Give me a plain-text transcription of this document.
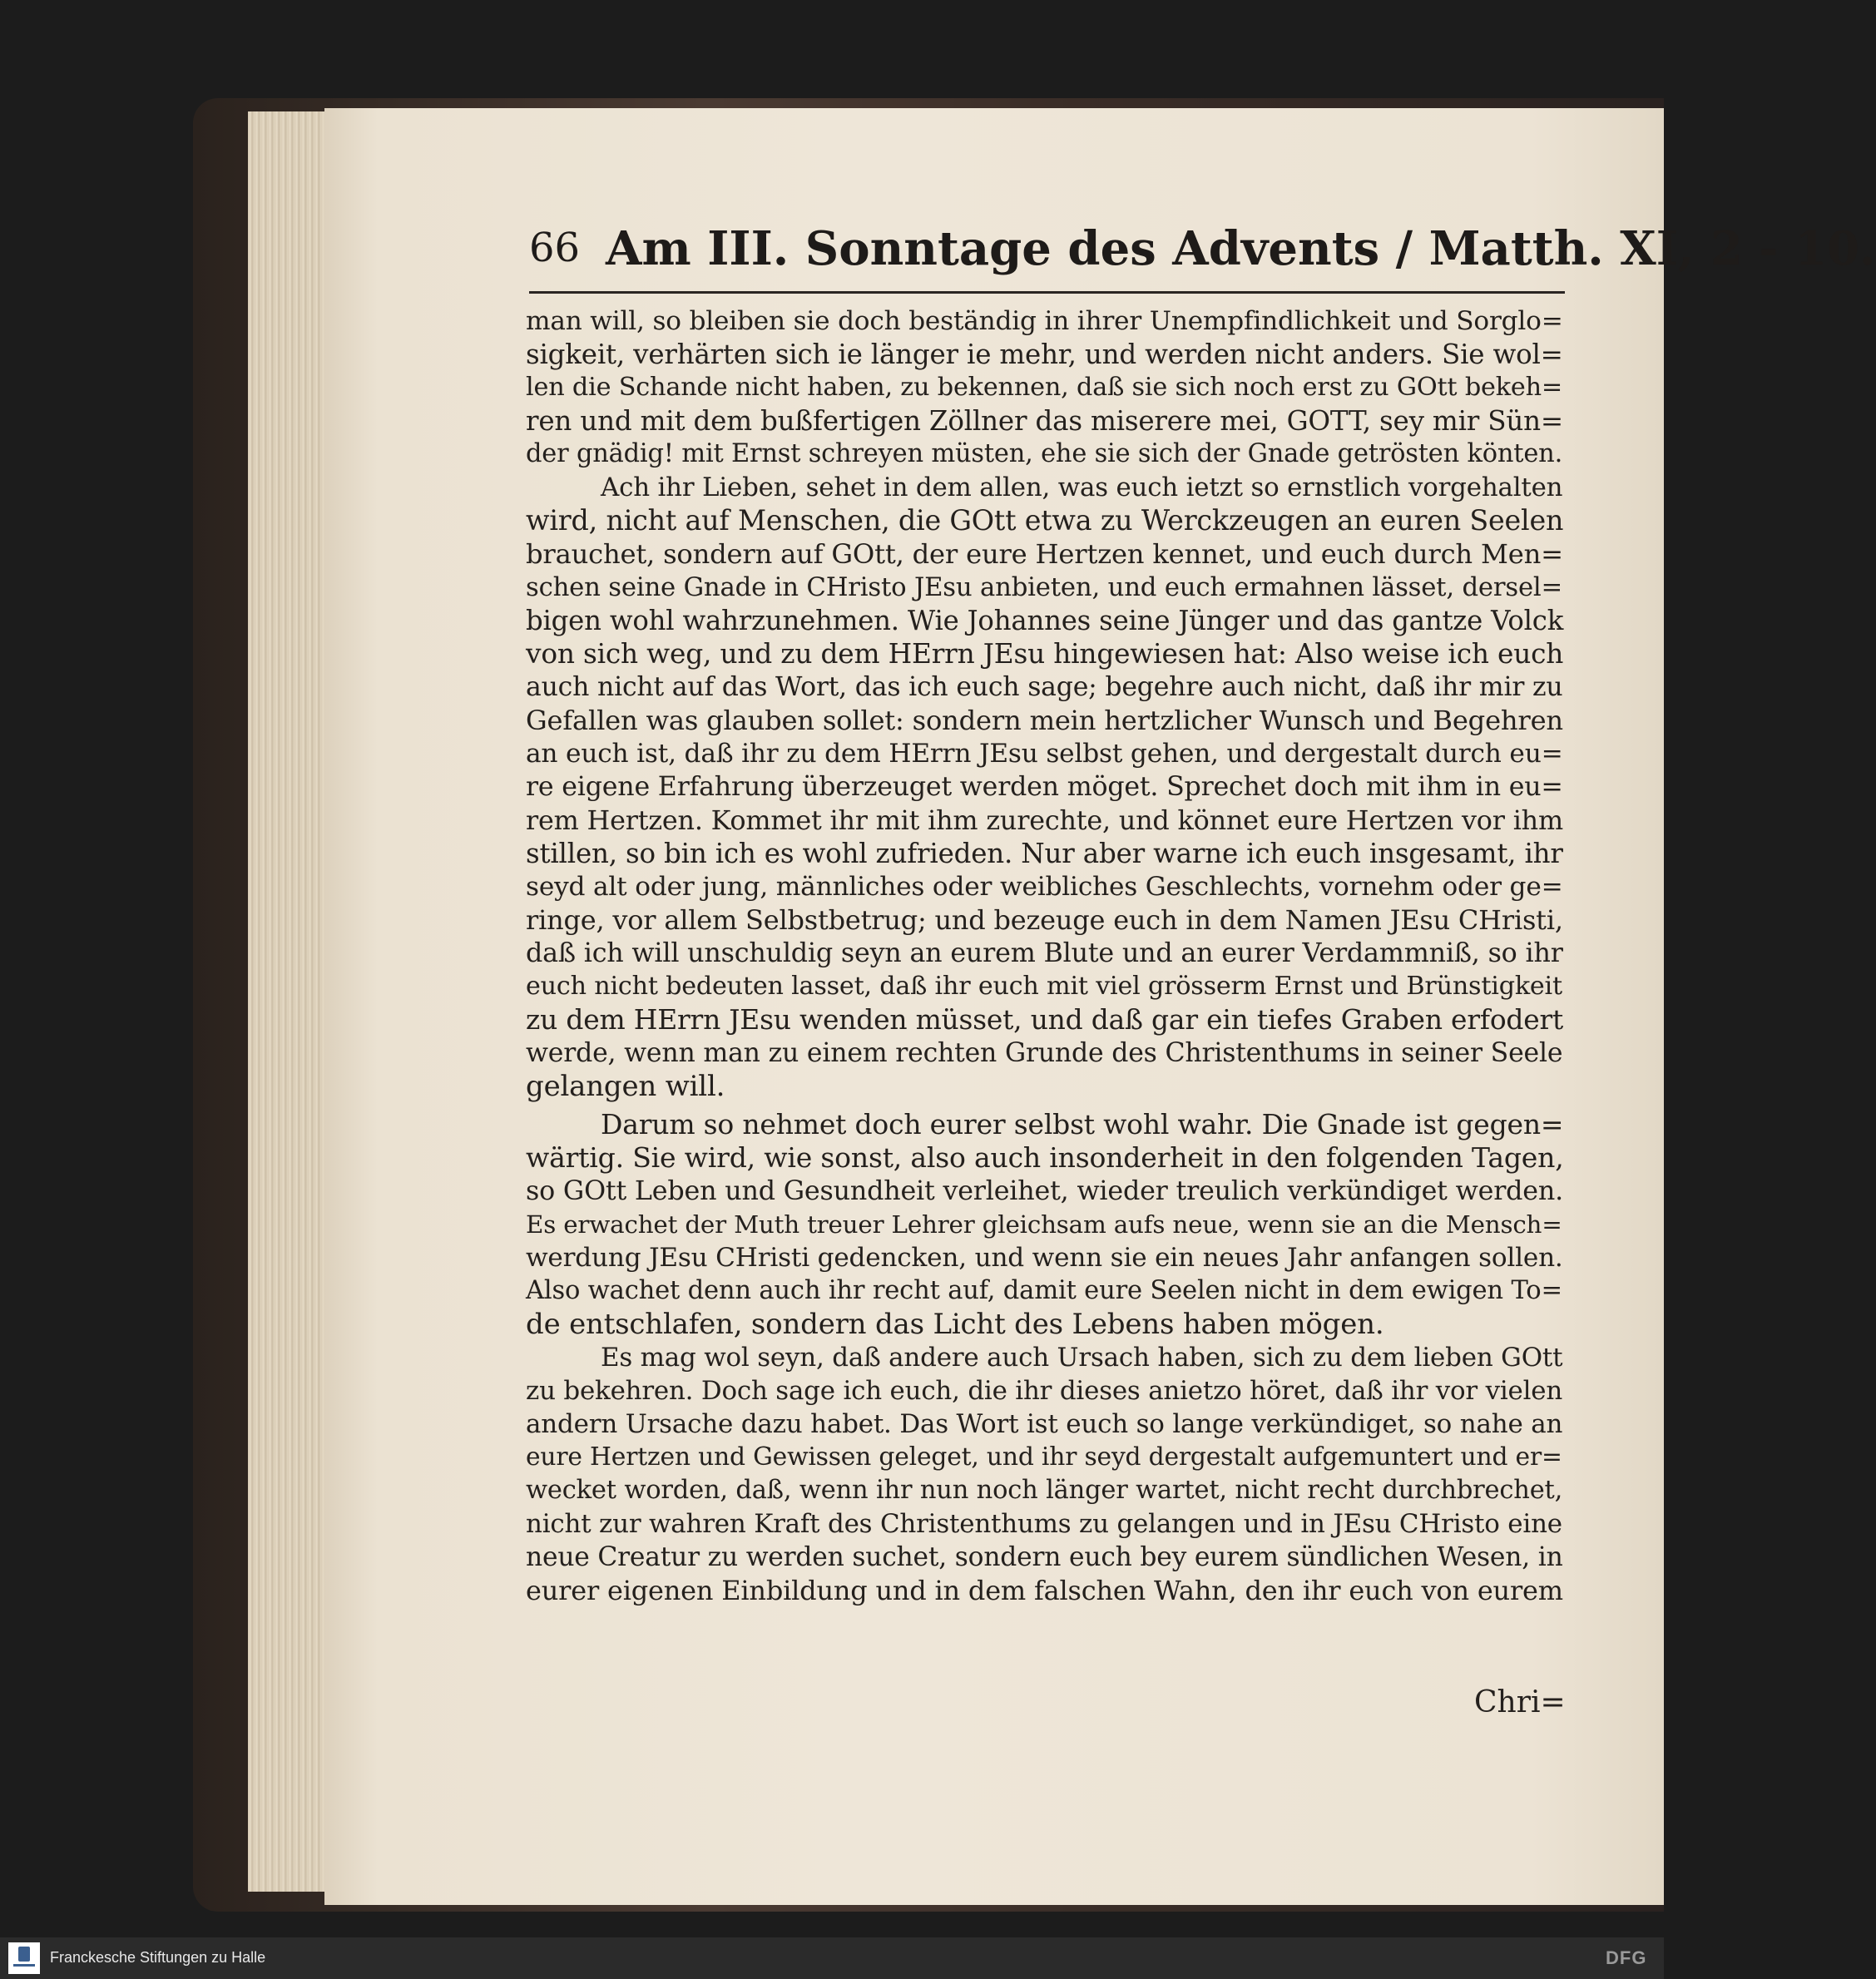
66 Am III. Sonntage des Advents / Matth. XI, 2 - 10.
man will, so bleiben sie doch beständig in ihrer Unempfindlichkeit und Sorglo=
sigkeit, verhärten sich ie länger ie mehr, und werden nicht anders. Sie wol=
len die Schande nicht haben, zu bekennen, daß sie sich noch erst zu GOtt bekeh=
ren und mit dem bußfertigen Zöllner das miserere mei, GOTT, sey mir Sün=
der gnädig! mit Ernst schreyen müsten, ehe sie sich der Gnade getrösten könten.
Ach ihr Lieben, sehet in dem allen, was euch ietzt so ernstlich vorgehalten
wird, nicht auf Menschen, die GOtt etwa zu Werckzeugen an euren Seelen
brauchet, sondern auf GOtt, der eure Hertzen kennet, und euch durch Men=
schen seine Gnade in CHristo JEsu anbieten, und euch ermahnen lässet, dersel=
bigen wohl wahrzunehmen. Wie Johannes seine Jünger und das gantze Volck
von sich weg, und zu dem HErrn JEsu hingewiesen hat: Also weise ich euch
auch nicht auf das Wort, das ich euch sage; begehre auch nicht, daß ihr mir zu
Gefallen was glauben sollet: sondern mein hertzlicher Wunsch und Begehren
an euch ist, daß ihr zu dem HErrn JEsu selbst gehen, und dergestalt durch eu=
re eigene Erfahrung überzeuget werden möget. Sprechet doch mit ihm in eu=
rem Hertzen. Kommet ihr mit ihm zurechte, und könnet eure Hertzen vor ihm
stillen, so bin ich es wohl zufrieden. Nur aber warne ich euch insgesamt, ihr
seyd alt oder jung, männliches oder weibliches Geschlechts, vornehm oder ge=
ringe, vor allem Selbstbetrug; und bezeuge euch in dem Namen JEsu CHristi,
daß ich will unschuldig seyn an eurem Blute und an eurer Verdammniß, so ihr
euch nicht bedeuten lasset, daß ihr euch mit viel grösserm Ernst und Brünstigkeit
zu dem HErrn JEsu wenden müsset, und daß gar ein tiefes Graben erfodert
werde, wenn man zu einem rechten Grunde des Christenthums in seiner Seele
gelangen will.
Darum so nehmet doch eurer selbst wohl wahr. Die Gnade ist gegen=
wärtig. Sie wird, wie sonst, also auch insonderheit in den folgenden Tagen,
so GOtt Leben und Gesundheit verleihet, wieder treulich verkündiget werden.
Es erwachet der Muth treuer Lehrer gleichsam aufs neue, wenn sie an die Mensch=
werdung JEsu CHristi gedencken, und wenn sie ein neues Jahr anfangen sollen.
Also wachet denn auch ihr recht auf, damit eure Seelen nicht in dem ewigen To=
de entschlafen, sondern das Licht des Lebens haben mögen.
Es mag wol seyn, daß andere auch Ursach haben, sich zu dem lieben GOtt
zu bekehren. Doch sage ich euch, die ihr dieses anietzo höret, daß ihr vor vielen
andern Ursache dazu habet. Das Wort ist euch so lange verkündiget, so nahe an
eure Hertzen und Gewissen geleget, und ihr seyd dergestalt aufgemuntert und er=
wecket worden, daß, wenn ihr nun noch länger wartet, nicht recht durchbrechet,
nicht zur wahren Kraft des Christenthums zu gelangen und in JEsu CHristo eine
neue Creatur zu werden suchet, sondern euch bey eurem sündlichen Wesen, in
eurer eigenen Einbildung und in dem falschen Wahn, den ihr euch von eurem
Chri=
Franckesche Stiftungen zu Halle	DFG
